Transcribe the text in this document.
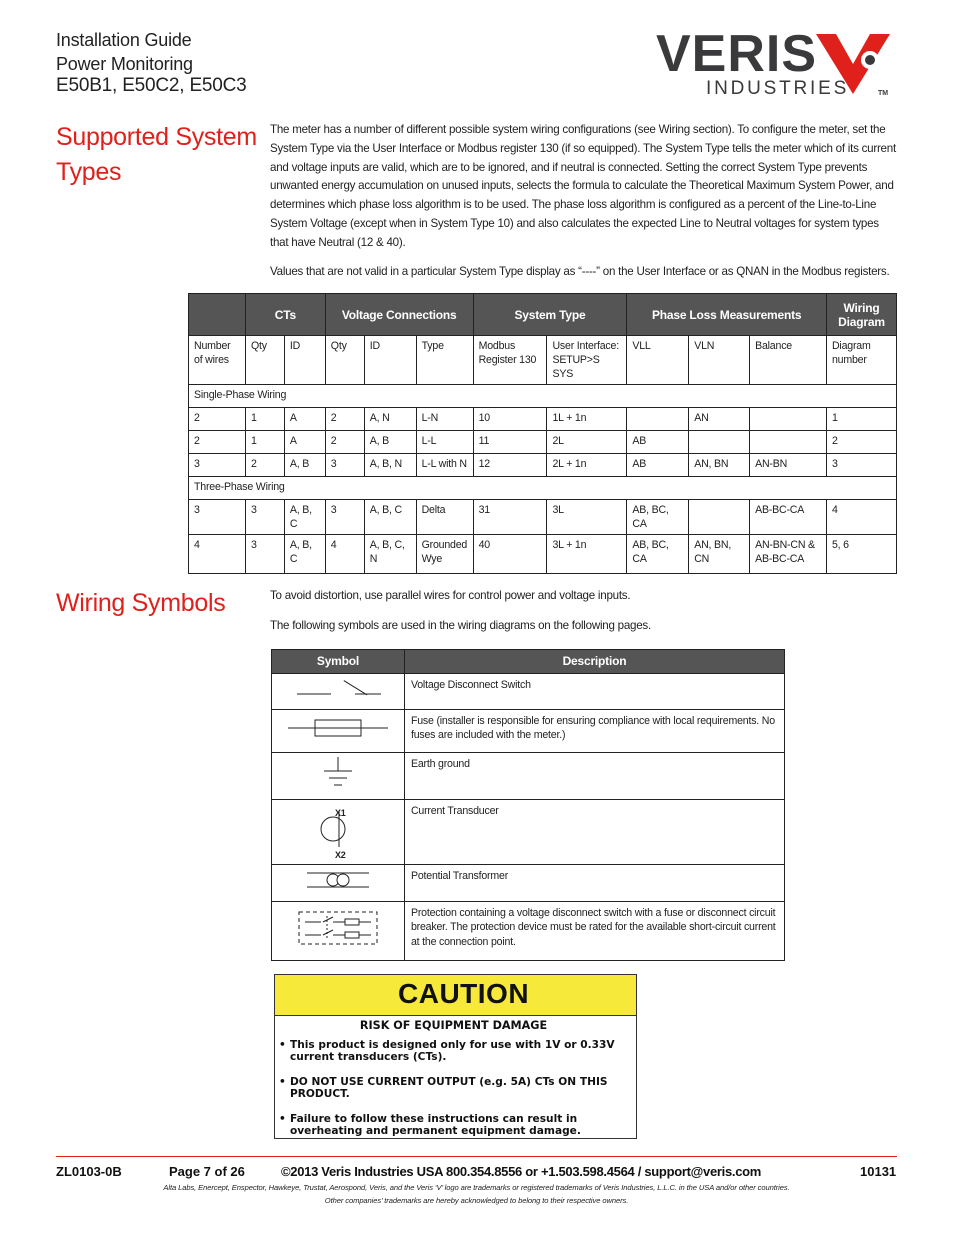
Installation Guide
Power Monitoring
E50B1, E50C2, E50C3
VERIS
INDUSTRIES	TM
Supported System
Types
The meter has a number of different possible system wiring configurations (see Wiring section). To configure the meter, set the System Type via the User Interface or Modbus register 130 (if so equipped). The System Type tells the meter which of its current and voltage inputs are valid, which are to be ignored, and if neutral is connected. Setting the correct System Type prevents unwanted energy accumulation on unused inputs, selects the formula to calculate the Theoretical Maximum System Power, and determines which phase loss algorithm is to be used. The phase loss algorithm is configured as a percent of the Line-to-Line System Voltage (except when in System Type 10) and also calculates the expected Line to Neutral voltages for system types that have Neutral (12 & 40).
Values that are not valid in a particular System Type display as “----” on the User Interface or as QNAN in the Modbus registers.
	CTs		Voltage Connections			System Type		Phase Loss Measurements			Wiring Diagram
Number of wires	Qty	ID	Qty	ID	Type	Modbus Register 130	User Interface: SETUP>S SYS	VLL	VLN	Balance	Diagram number
Single-Phase Wiring											
2	1	A	2	A, N	L-N	10	1L + 1n		AN		1
2	1	A	2	A, B	L-L	11	2L	AB			2
3	2	A, B	3	A, B, N	L-L with N	12	2L + 1n	AB	AN, BN	AN-BN	3
Three-Phase Wiring											
3	3	A, B, C	3	A, B, C	Delta	31	3L	AB, BC, CA		AB-BC-CA	4
4	3	A, B, C	4	A, B, C, N	Grounded Wye	40	3L + 1n	AB, BC, CA	AN, BN, CN	AN-BN-CN & AB-BC-CA	5, 6
Wiring Symbols	To avoid distortion, use parallel wires for control power and voltage inputs.
The following symbols are used in the wiring diagrams on the following pages.
Symbol	Description
	Voltage Disconnect Switch
	Fuse (installer is responsible for ensuring compliance with local requirements. No fuses are included with the meter.)
	Earth ground

X1
X2	Current Transducer
	Potential Transformer
	Protection containing a voltage disconnect switch with a fuse or disconnect circuit breaker. The protection device must be rated for the available short-circuit current at the connection point.
CAUTION
RISK OF EQUIPMENT DAMAGE
• This product is designed only for use with 1V or 0.33V current transducers (CTs).
• DO NOT USE CURRENT OUTPUT (e.g. 5A) CTs ON THIS PRODUCT.
• Failure to follow these instructions can result in overheating and permanent equipment damage.
ZL0103-0B	Page 7 of 26	©2013 Veris Industries USA 800.354.8556 or +1.503.598.4564 / support@veris.com	10131
Alta Labs, Enercept, Enspector, Hawkeye, Trustat, Aerospond, Veris, and the Veris ‘V’ logo are trademarks or registered trademarks of Veris Industries, L.L.C. in the USA and/or other countries.
Other companies’ trademarks are hereby acknowledged to belong to their respective owners.
